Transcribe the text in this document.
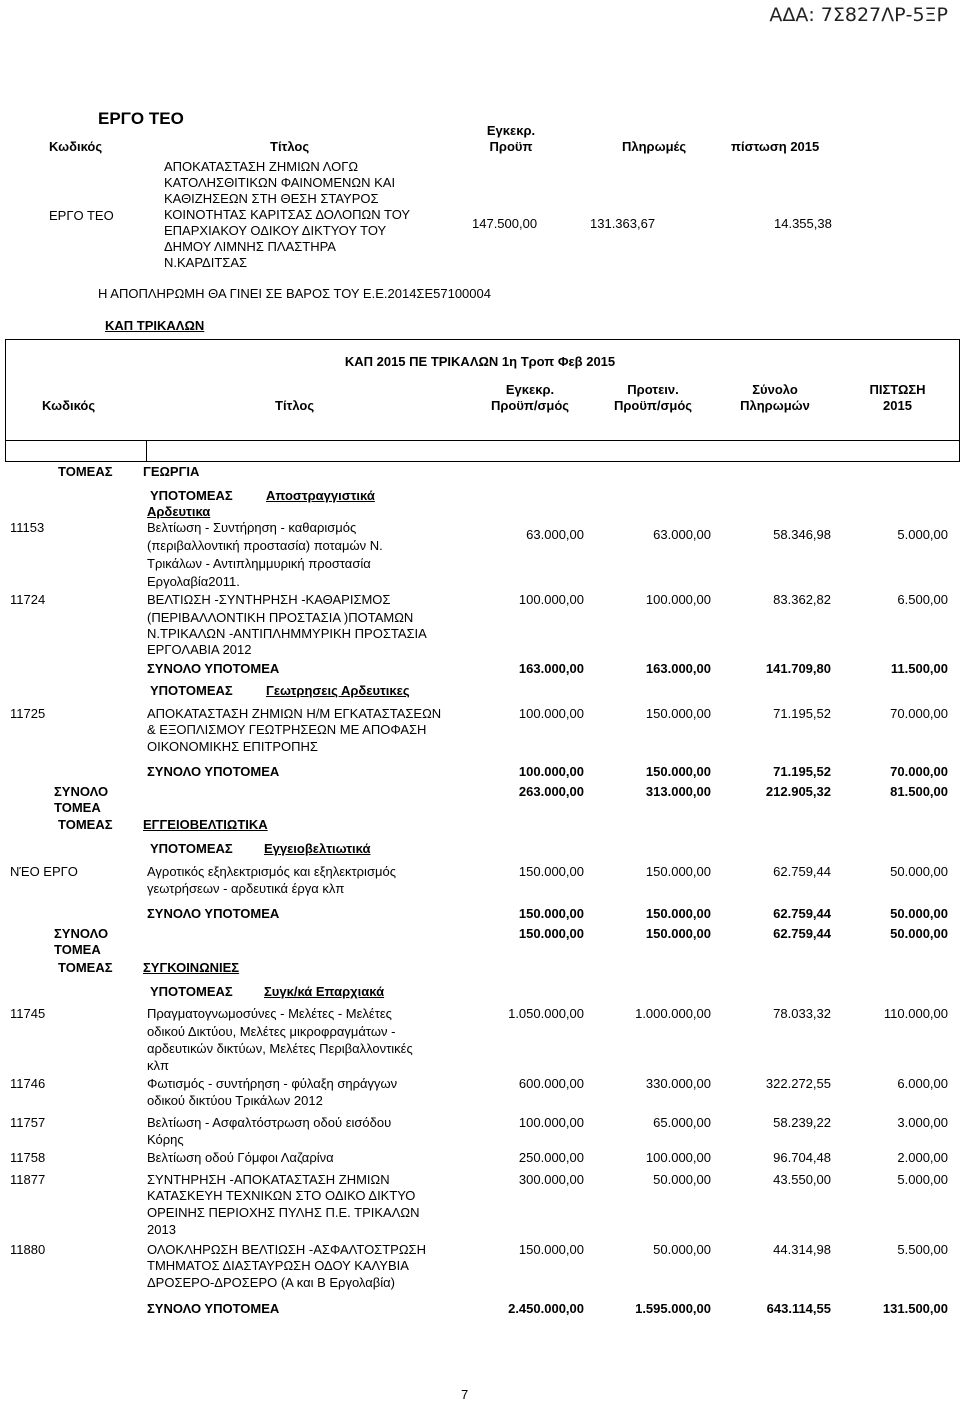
ΑΔΑ: 7Σ827ΛΡ-5ΞΡ
ΕΡΓΟ ΤΕΟ
Κωδικός	Τίτλος
Εγκεκρ.
Προϋπ	Πληρωμές	πίστωση 2015
ΕΡΓΟ ΤΕΟ
ΑΠΟΚΑΤΑΣΤΑΣΗ ΖΗΜΙΩΝ ΛΟΓΩ
ΚΑΤΟΛΗΣΘΙΤΙΚΩΝ ΦΑΙΝΟΜΕΝΩΝ ΚΑΙ
ΚΑΘΙΖΗΣΕΩΝ ΣΤΗ ΘΕΣΗ ΣΤΑΥΡΟΣ
ΚΟΙΝΟΤΗΤΑΣ ΚΑΡΙΤΣΑΣ ΔΟΛΟΠΩΝ ΤΟΥ
ΕΠΑΡΧΙΑΚΟΥ ΟΔΙΚΟΥ ΔΙΚΤΥΟΥ ΤΟΥ
ΔΗΜΟΥ ΛΙΜΝΗΣ ΠΛΑΣΤΗΡΑ
Ν.ΚΑΡΔΙΤΣΑΣ
147.500,00	131.363,67	14.355,38
Η ΑΠΟΠΛΗΡΩΜΗ ΘΑ ΓΙΝΕΙ ΣΕ ΒΑΡΟΣ ΤΟΥ Ε.Ε.2014ΣΕ57100004
ΚΑΠ ΤΡΙΚΑΛΩΝ
ΚΑΠ 2015 ΠΕ ΤΡΙΚΑΛΩΝ 1η Τροπ Φεβ 2015
Κωδικός	Τίτλος
Εγκεκρ.
Προϋπ/σμός
Προτειν.
Προϋπ/σμός
Σύνολο
Πληρωμών
ΠΙΣΤΩΣΗ
2015
ΤΟΜΕΑΣ ΓΕΩΡΓΙΑ
ΥΠΟΤΟΜΕΑΣ	Αποστραγγιστικά
Αρδευτικα
11153	Βελτίωση - Συντήρηση - καθαρισμός
(περιβαλλοντική προστασία) ποταμών Ν.
Τρικάλων - Αντιπλημμυρική προστασία
Εργολαβία2011.
63.000,00	63.000,00	58.346,98	5.000,00
11724	ΒΕΛΤΙΩΣΗ -ΣΥΝΤΗΡΗΣΗ -ΚΑΘΑΡΙΣΜΟΣ
(ΠΕΡΙΒΑΛΛΟΝΤΙΚΗ ΠΡΟΣΤΑΣΙΑ )ΠΟΤΑΜΩΝ
Ν.ΤΡΙΚΑΛΩΝ -ΑΝΤΙΠΛΗΜΜΥΡΙΚΗ ΠΡΟΣΤΑΣΙΑ
ΕΡΓΟΛΑΒΙΑ 2012
100.000,00	100.000,00	83.362,82	6.500,00
ΣΥΝΟΛΟ ΥΠΟΤΟΜΕΑ	163.000,00	163.000,00	141.709,80	11.500,00
ΥΠΟΤΟΜΕΑΣ	Γεωτρησεις Αρδευτικες
11725	ΑΠΟΚΑΤΑΣΤΑΣΗ ΖΗΜΙΩΝ Η/Μ ΕΓΚΑΤΑΣΤΑΣΕΩΝ
& ΕΞΟΠΛΙΣΜΟΥ ΓΕΩΤΡΗΣΕΩΝ ΜΕ ΑΠΟΦΑΣΗ
ΟΙΚΟΝΟΜΙΚΗΣ ΕΠΙΤΡΟΠΗΣ
100.000,00	150.000,00	71.195,52	70.000,00
ΣΥΝΟΛΟ ΥΠΟΤΟΜΕΑ	100.000,00	150.000,00	71.195,52	70.000,00
ΣΥΝΟΛΟ
ΤΟΜΕΑ
263.000,00	313.000,00	212.905,32	81.500,00
ΤΟΜΕΑΣ ΕΓΓΕΙΟΒΕΛΤΙΩΤΙΚΑ
ΥΠΟΤΟΜΕΑΣ Εγγειοβελτιωτικά
ΝΈΟ ΕΡΓΟ	Αγροτικός εξηλεκτρισμός και εξηλεκτρισμός
γεωτρήσεων - αρδευτικά έργα κλπ
150.000,00	150.000,00	62.759,44	50.000,00
ΣΥΝΟΛΟ ΥΠΟΤΟΜΕΑ	150.000,00	150.000,00	62.759,44	50.000,00
ΣΥΝΟΛΟ
ΤΟΜΕΑ
150.000,00	150.000,00	62.759,44	50.000,00
ΤΟΜΕΑΣ ΣΥΓΚΟΙΝΩΝΙΕΣ
ΥΠΟΤΟΜΕΑΣ Συγκ/κά Επαρχιακά
11745	Πραγματογνωμοσύνες - Μελέτες - Μελέτες
οδικού Δικτύου, Μελέτες μικροφραγμάτων -
αρδευτικών δικτύων, Μελέτες Περιβαλλοντικές
κλπ
1.050.000,00	1.000.000,00	78.033,32	110.000,00
11746	Φωτισμός - συντήρηση - φύλαξη σηράγγων
οδικού δικτύου Τρικάλων 2012
600.000,00	330.000,00	322.272,55	6.000,00
11757	Βελτίωση - Ασφαλτόστρωση οδού εισόδου
Κόρης
100.000,00	65.000,00	58.239,22	3.000,00
11758	Βελτίωση οδού Γόμφοι Λαζαρίνα	250.000,00	100.000,00	96.704,48	2.000,00
11877	ΣΥΝΤΗΡΗΣΗ -ΑΠΟΚΑΤΑΣΤΑΣΗ ΖΗΜΙΩΝ
ΚΑΤΑΣΚΕΥΗ ΤΕΧΝΙΚΩΝ ΣΤΟ ΟΔΙΚΟ ΔΙΚΤΥΟ
ΟΡΕΙΝΗΣ ΠΕΡΙΟΧΗΣ ΠΥΛΗΣ Π.Ε. ΤΡΙΚΑΛΩΝ
2013
300.000,00	50.000,00	43.550,00	5.000,00
11880	ΟΛΟΚΛΗΡΩΣΗ ΒΕΛΤΙΩΣΗ -ΑΣΦΑΛΤΟΣΤΡΩΣΗ
ΤΜΗΜΑΤΟΣ ΔΙΑΣΤΑΥΡΩΣΗ ΟΔΟΥ ΚΑΛΥΒΙΑ
ΔΡΟΣΕΡΟ-ΔΡΟΣΕΡΟ (Α και Β Εργολαβία)
150.000,00	50.000,00	44.314,98	5.500,00
ΣΥΝΟΛΟ ΥΠΟΤΟΜΕΑ	2.450.000,00	1.595.000,00	643.114,55	131.500,00
7
